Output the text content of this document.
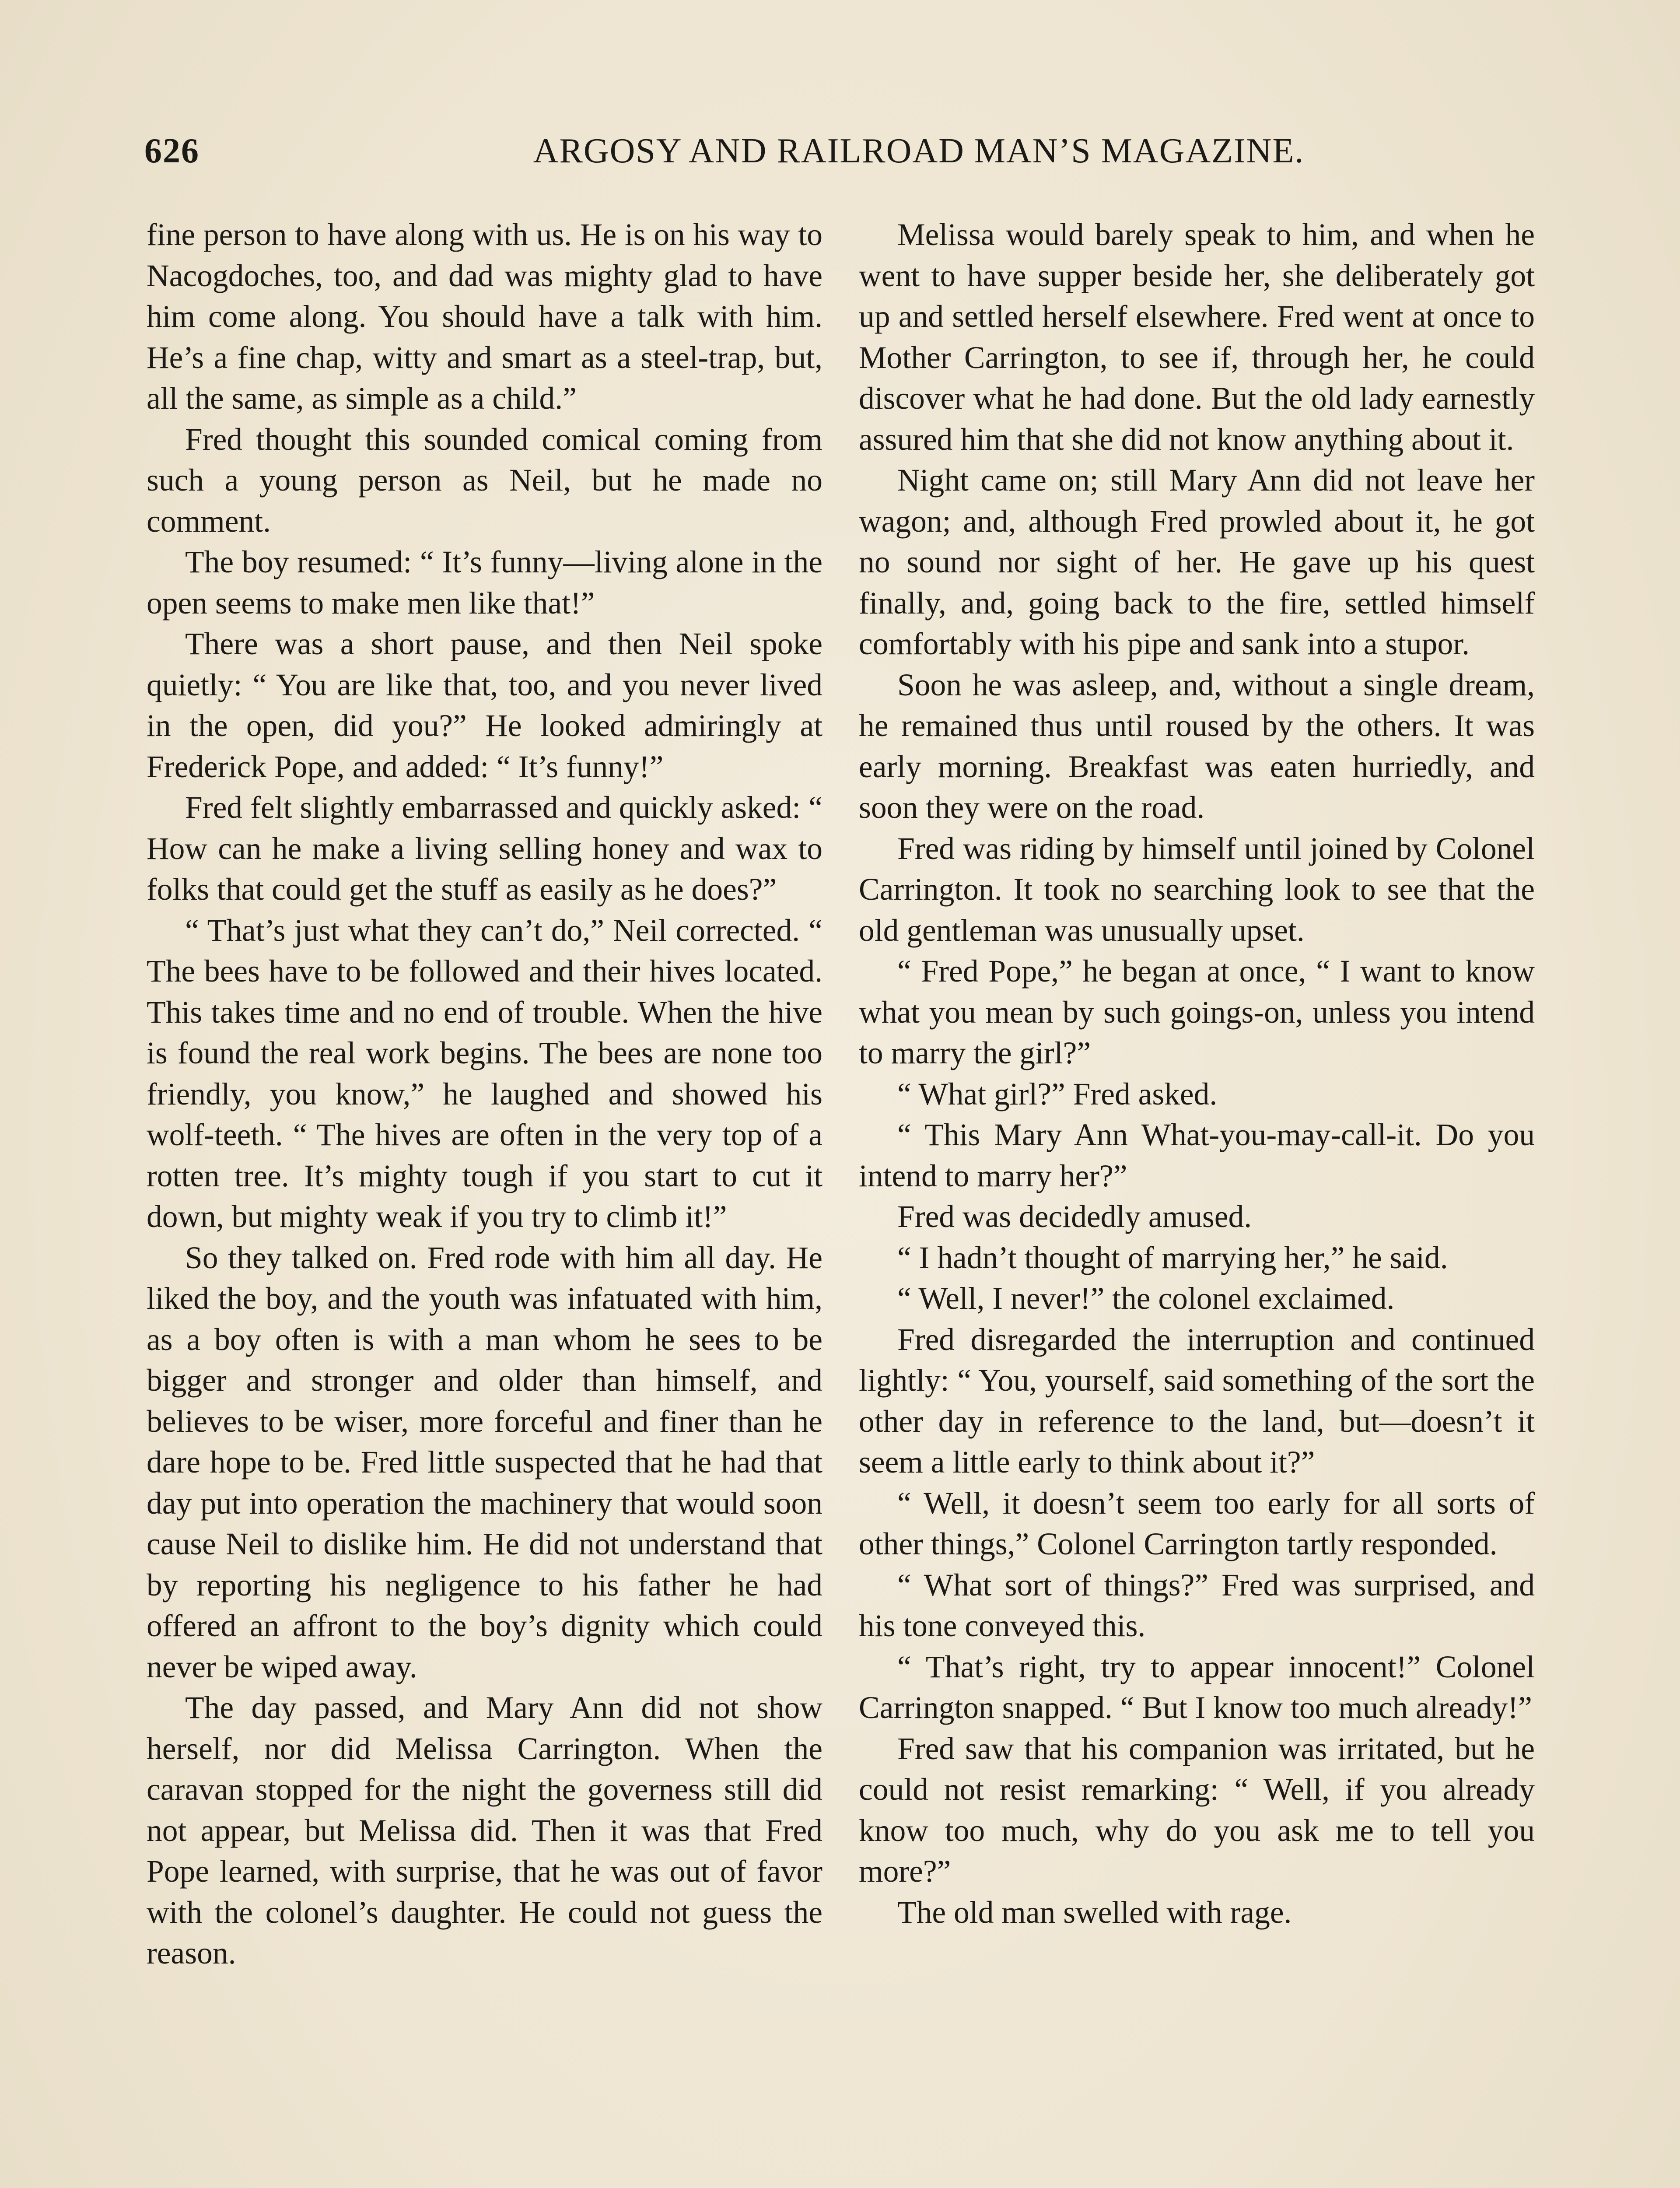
626	ARGOSY AND RAILROAD MAN’S MAGAZINE.

fine person to have along with us. He is on his way to Nacogdoches, too, and dad was mighty glad to have him come along. You should have a talk with him. He’s a fine chap, witty and smart as a steel-trap, but, all the same, as simple as a child.”

Fred thought this sounded comical coming from such a young person as Neil, but he made no comment.

The boy resumed: “ It’s funny—living alone in the open seems to make men like that!”

There was a short pause, and then Neil spoke quietly: “ You are like that, too, and you never lived in the open, did you?” He looked admiringly at Frederick Pope, and added: “ It’s funny!”

Fred felt slightly embarrassed and quickly asked: “ How can he make a living selling honey and wax to folks that could get the stuff as easily as he does?”

“ That’s just what they can’t do,” Neil corrected. “ The bees have to be followed and their hives located. This takes time and no end of trouble. When the hive is found the real work begins. The bees are none too friendly, you know,” he laughed and showed his wolf-teeth. “ The hives are often in the very top of a rotten tree. It’s mighty tough if you start to cut it down, but mighty weak if you try to climb it!”

So they talked on. Fred rode with him all day. He liked the boy, and the youth was infatuated with him, as a boy often is with a man whom he sees to be bigger and stronger and older than himself, and believes to be wiser, more forceful and finer than he dare hope to be. Fred little suspected that he had that day put into operation the machinery that would soon cause Neil to dislike him. He did not understand that by reporting his negligence to his father he had offered an affront to the boy’s dignity which could never be wiped away.

The day passed, and Mary Ann did not show herself, nor did Melissa Carrington. When the caravan stopped for the night the governess still did not appear, but Melissa did. Then it was that Fred Pope learned, with surprise, that he was out of favor with the colonel’s daughter. He could not guess the reason.

Melissa would barely speak to him, and when he went to have supper beside her, she deliberately got up and settled herself elsewhere. Fred went at once to Mother Carrington, to see if, through her, he could discover what he had done. But the old lady earnestly assured him that she did not know anything about it.

Night came on; still Mary Ann did not leave her wagon; and, although Fred prowled about it, he got no sound nor sight of her. He gave up his quest finally, and, going back to the fire, settled himself comfortably with his pipe and sank into a stupor.

Soon he was asleep, and, without a single dream, he remained thus until roused by the others. It was early morning. Breakfast was eaten hurriedly, and soon they were on the road.

Fred was riding by himself until joined by Colonel Carrington. It took no searching look to see that the old gentleman was unusually upset.

“ Fred Pope,” he began at once, “ I want to know what you mean by such goings-on, unless you intend to marry the girl?”

“ What girl?” Fred asked.

“ This Mary Ann What-you-may-call-it. Do you intend to marry her?”

Fred was decidedly amused.

“ I hadn’t thought of marrying her,” he said.

“ Well, I never!” the colonel exclaimed.

Fred disregarded the interruption and continued lightly: “ You, yourself, said something of the sort the other day in reference to the land, but—doesn’t it seem a little early to think about it?”

“ Well, it doesn’t seem too early for all sorts of other things,” Colonel Carrington tartly responded.

“ What sort of things?” Fred was surprised, and his tone conveyed this.

“ That’s right, try to appear innocent!” Colonel Carrington snapped. “ But I know too much already!”

Fred saw that his companion was irritated, but he could not resist remarking: “ Well, if you already know too much, why do you ask me to tell you more?”

The old man swelled with rage.
